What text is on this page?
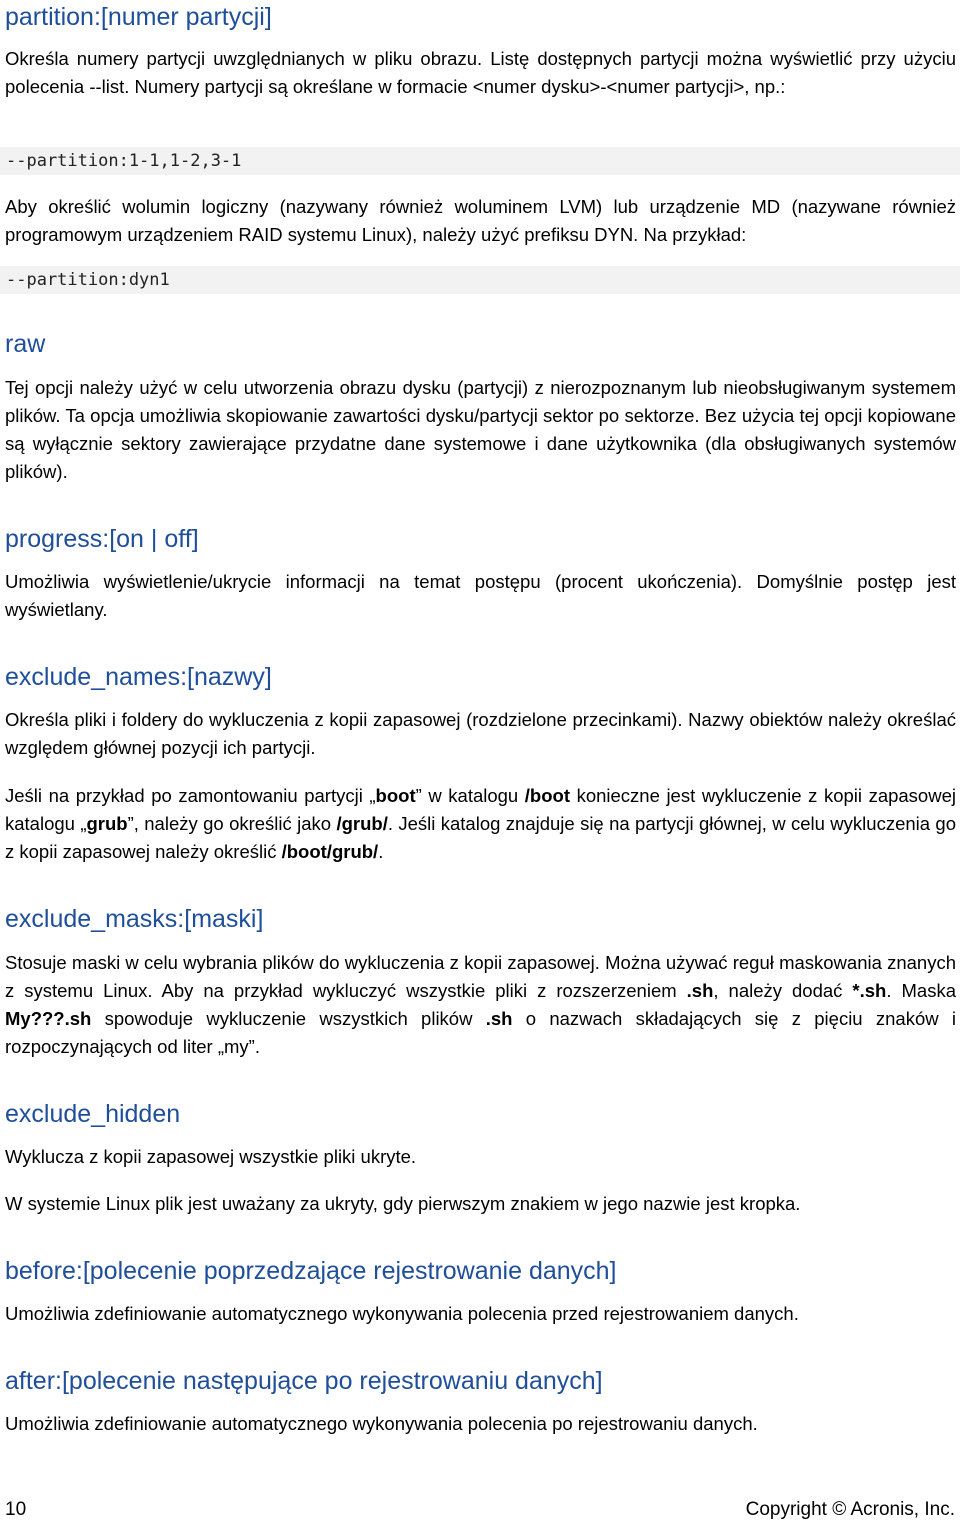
partition:[numer partycji]

Określa numery partycji uwzględnianych w pliku obrazu. Listę dostępnych partycji można wyświetlić przy użyciu polecenia --list. Numery partycji są określane w formacie <numer dysku>-<numer partycji>, np.:

--partition:1-1,1-2,3-1

Aby określić wolumin logiczny (nazywany również woluminem LVM) lub urządzenie MD (nazywane również programowym urządzeniem RAID systemu Linux), należy użyć prefiksu DYN. Na przykład:

--partition:dyn1
raw

Tej opcji należy użyć w celu utworzenia obrazu dysku (partycji) z nierozpoznanym lub nieobsługiwanym systemem plików. Ta opcja umożliwia skopiowanie zawartości dysku/partycji sektor po sektorze. Bez użycia tej opcji kopiowane są wyłącznie sektory zawierające przydatne dane systemowe i dane użytkownika (dla obsługiwanych systemów plików).

progress:[on | off]

Umożliwia wyświetlenie/ukrycie informacji na temat postępu (procent ukończenia). Domyślnie postęp jest wyświetlany.

exclude_names:[nazwy]

Określa pliki i foldery do wykluczenia z kopii zapasowej (rozdzielone przecinkami). Nazwy obiektów należy określać względem głównej pozycji ich partycji.

Jeśli na przykład po zamontowaniu partycji „boot” w katalogu /boot konieczne jest wykluczenie z kopii zapasowej katalogu „grub”, należy go określić jako /grub/. Jeśli katalog znajduje się na partycji głównej, w celu wykluczenia go z kopii zapasowej należy określić /boot/grub/.

exclude_masks:[maski]

Stosuje maski w celu wybrania plików do wykluczenia z kopii zapasowej. Można używać reguł maskowania znanych z systemu Linux. Aby na przykład wykluczyć wszystkie pliki z rozszerzeniem .sh, należy dodać *.sh. Maska My???.sh spowoduje wykluczenie wszystkich plików .sh o nazwach składających się z pięciu znaków i rozpoczynających od liter „my”.

exclude_hidden

Wyklucza z kopii zapasowej wszystkie pliki ukryte.

W systemie Linux plik jest uważany za ukryty, gdy pierwszym znakiem w jego nazwie jest kropka.

before:[polecenie poprzedzające rejestrowanie danych]

Umożliwia zdefiniowanie automatycznego wykonywania polecenia przed rejestrowaniem danych.

after:[polecenie następujące po rejestrowaniu danych]

Umożliwia zdefiniowanie automatycznego wykonywania polecenia po rejestrowaniu danych.

10	Copyright © Acronis, Inc.
